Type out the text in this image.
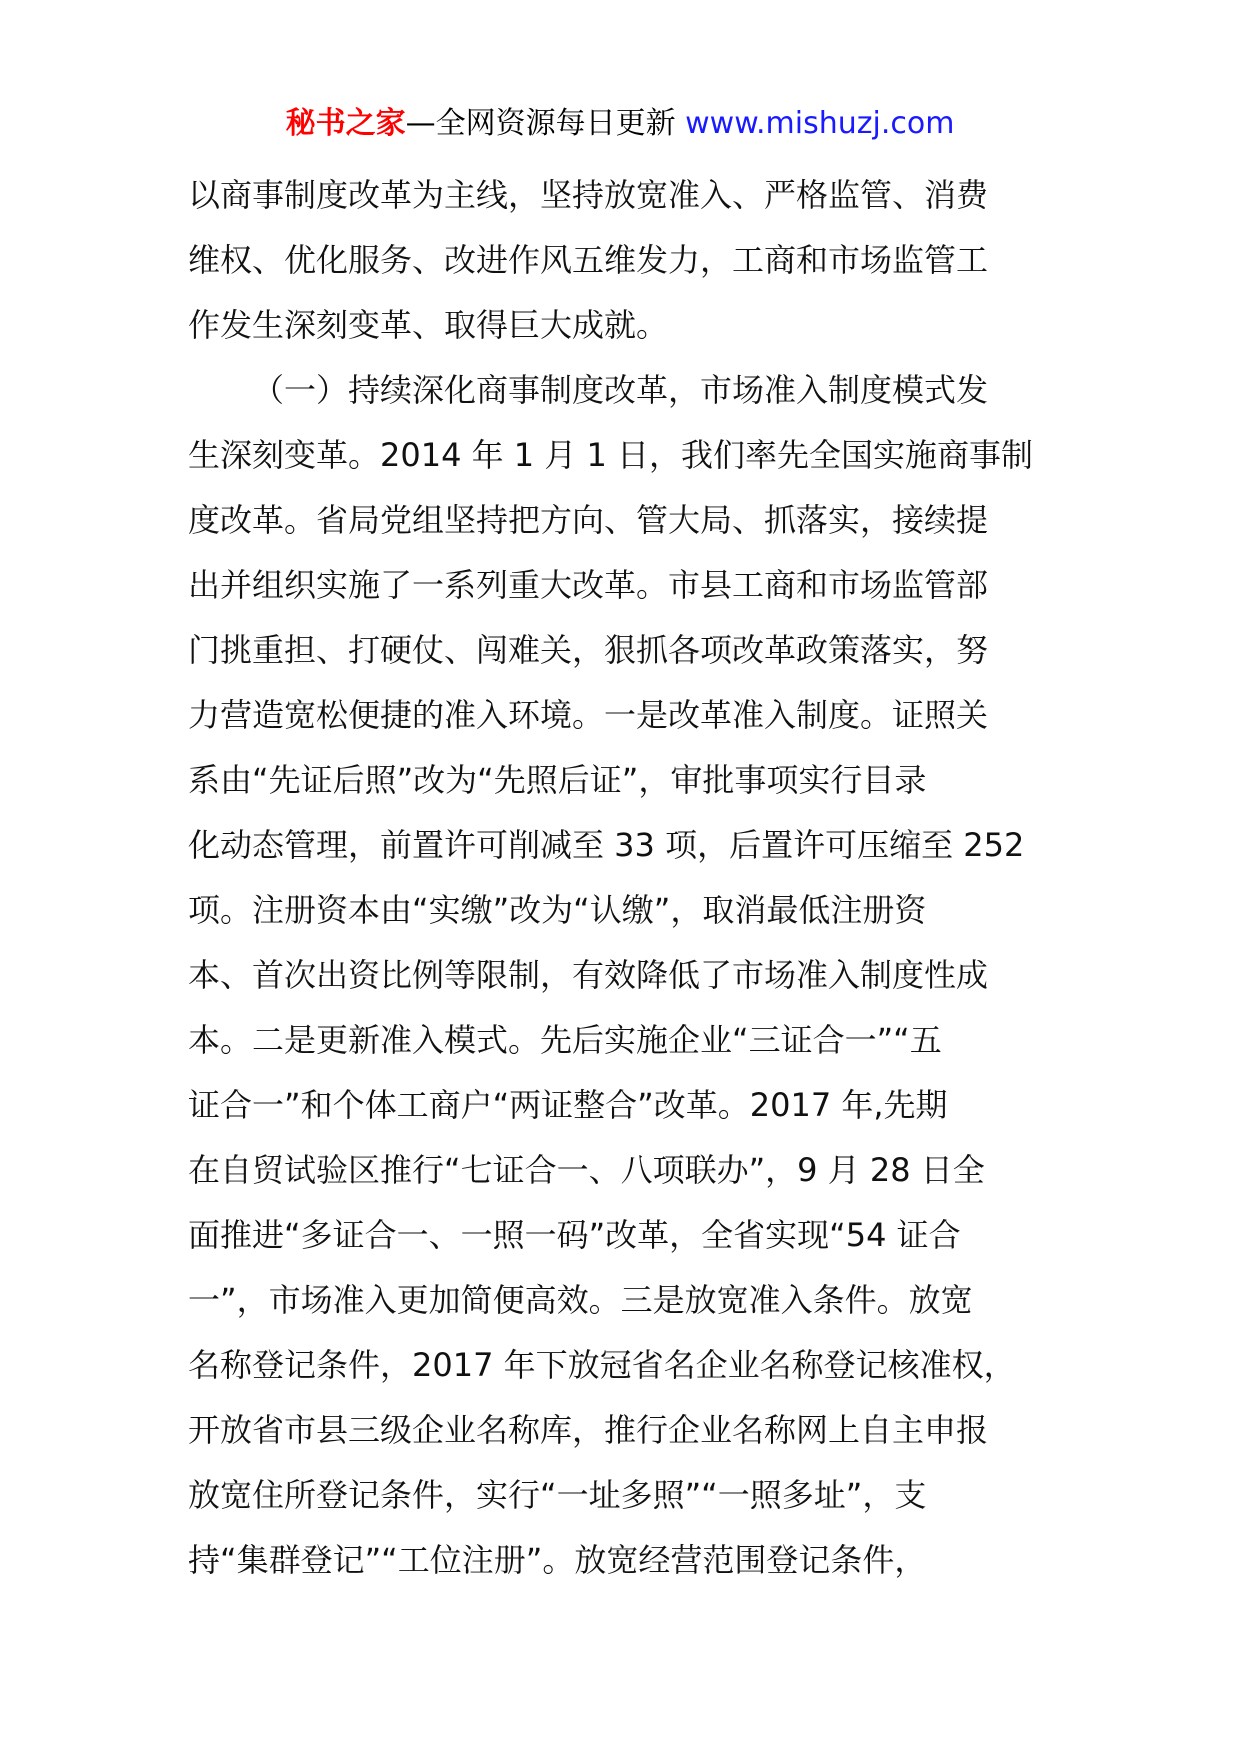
秘书之家—全网资源每日更新 www.mishuzj.com
以商事制度改革为主线，坚持放宽准入、严格监管、消费
维权、优化服务、改进作风五维发力，工商和市场监管工
作发生深刻变革、取得巨大成就。
（一）持续深化商事制度改革，市场准入制度模式发
生深刻变革。2014 年 1 月 1 日，我们率先全国实施商事制
度改革。省局党组坚持把方向、管大局、抓落实，接续提
出并组织实施了一系列重大改革。市县工商和市场监管部
门挑重担、打硬仗、闯难关，狠抓各项改革政策落实，努
力营造宽松便捷的准入环境。一是改革准入制度。证照关
系由“先证后照”改为“先照后证”，审批事项实行目录
化动态管理，前置许可削减至 33 项，后置许可压缩至 252
项。注册资本由“实缴”改为“认缴”，取消最低注册资
本、首次出资比例等限制，有效降低了市场准入制度性成
本。二是更新准入模式。先后实施企业“三证合一”“五
证合一”和个体工商户“两证整合”改革。2017 年,先期
在自贸试验区推行“七证合一、八项联办”，9 月 28 日全
面推进“多证合一、一照一码”改革，全省实现“54 证合
一”，市场准入更加简便高效。三是放宽准入条件。放宽
名称登记条件，2017 年下放冠省名企业名称登记核准权，
开放省市县三级企业名称库，推行企业名称网上自主申报
放宽住所登记条件，实行“一址多照”“一照多址”，支
持“集群登记”“工位注册”。放宽经营范围登记条件，
